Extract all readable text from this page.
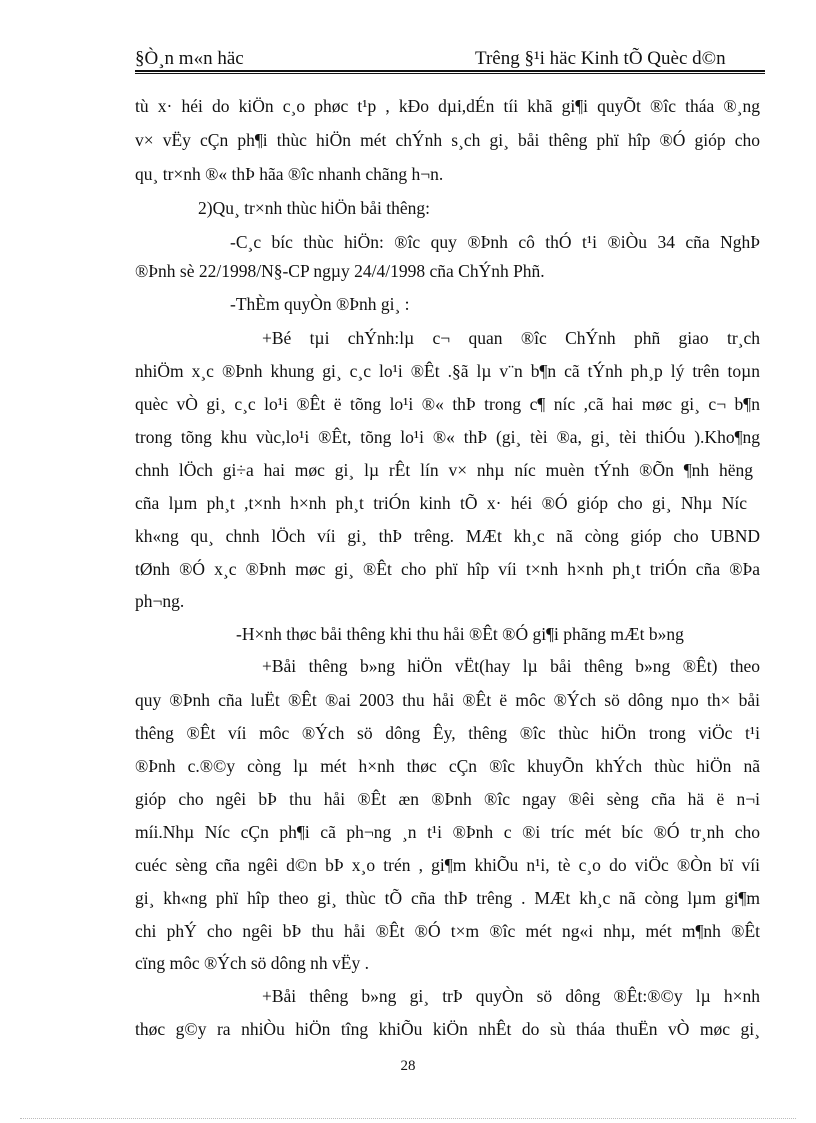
§Ò¸n m«n häc	Trêng §¹i häc Kinh tÕ Quèc d©n
tù x· héi do kiÖn c¸o phøc t¹p , kÐo dµi,dÉn tíi khã gi¶i quyÕt ®îc tháa ®¸ng
v× vËy cÇn ph¶i thùc hiÖn mét chÝnh s¸ch gi¸ båi thêng phï hîp ®Ó gióp cho
qu¸ tr×nh ®« thÞ hãa ®îc nhanh chãng h¬n.
2)Qu¸ tr×nh thùc hiÖn båi thêng:
-C¸c bíc thùc hiÖn: ®îc quy ®Þnh cô thÓ t¹i ®iÒu 34 cña NghÞ
®Þnh sè 22/1998/N§-CP ngµy 24/4/1998 cña ChÝnh Phñ.
-ThÈm quyÒn ®Þnh gi¸ :
+Bé tµi chÝnh:lµ c¬ quan ®îc ChÝnh phñ giao tr¸ch
nhiÖm x¸c ®Þnh khung gi¸ c¸c lo¹i ®Êt .§ã lµ v¨n b¶n cã tÝnh ph¸p lý trên toµn
quèc vÒ gi¸ c¸c lo¹i ®Êt ë tõng lo¹i ®« thÞ trong c¶ níc ,cã hai møc gi¸ c¬ b¶n
trong tõng khu vùc,lo¹i ®Êt, tõng lo¹i ®« thÞ (gi¸ tèi ®a, gi¸ tèi thiÓu ).Kho¶ng
chnh lÖch gi÷a hai møc gi¸ lµ rÊt lín v× nhµ níc muèn tÝnh ®Õn ¶nh hëng
cña lµm ph¸t ,t×nh h×nh ph¸t triÓn kinh tÕ x· héi ®Ó gióp cho gi¸ Nhµ Níc
kh«ng qu¸ chnh lÖch víi gi¸ thÞ trêng. MÆt kh¸c nã còng gióp cho UBND
tØnh ®Ó x¸c ®Þnh møc gi¸ ®Êt cho phï hîp víi t×nh h×nh ph¸t triÓn cña ®Þa
ph¬ng.
-H×nh thøc båi thêng khi thu håi ®Êt ®Ó gi¶i phãng mÆt b»ng
+Båi thêng b»ng hiÖn vËt(hay lµ båi thêng b»ng ®Êt) theo
quy ®Þnh cña luËt ®Êt ®ai 2003 thu håi ®Êt ë môc ®Ých sö dông nµo th× båi
thêng ®Êt víi môc ®Ých sö dông Êy, thêng ®îc thùc hiÖn trong viÖc t¹i
®Þnh c.®©y còng lµ mét h×nh thøc cÇn ®îc khuyÕn khÝch thùc hiÖn nã
gióp cho ngêi bÞ thu håi ®Êt æn ®Þnh ®îc ngay ®êi sèng cña hä ë n¬i
míi.Nhµ Níc cÇn ph¶i cã ph¬ng ¸n t¹i ®Þnh c ®i tríc mét bíc ®Ó tr¸nh cho
cuéc sèng cña ngêi d©n bÞ x¸o trén , gi¶m khiÕu n¹i, tè c¸o do viÖc ®Òn bï víi
gi¸ kh«ng phï hîp theo gi¸ thùc tÕ cña thÞ trêng . MÆt kh¸c nã còng lµm gi¶m
chi phÝ cho ngêi bÞ thu håi ®Êt ®Ó t×m ®îc mét ng«i nhµ, mét m¶nh ®Êt
cïng môc ®Ých sö dông nh vËy .
+Båi thêng b»ng gi¸ trÞ quyÒn sö dông ®Êt:®©y lµ h×nh
thøc g©y ra nhiÒu hiÖn tîng khiÕu kiÖn nhÊt do sù tháa thuËn vÒ møc gi¸
28
